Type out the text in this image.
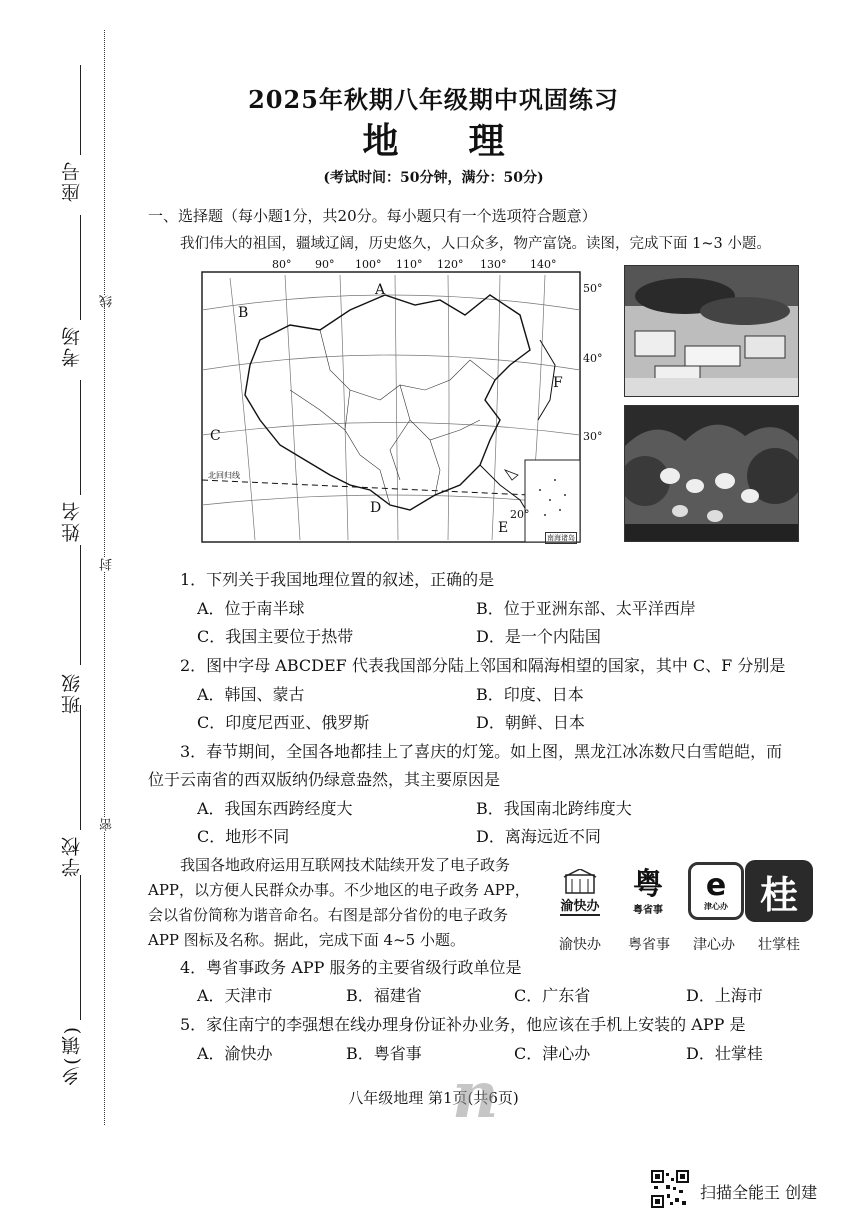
座号
考场
姓名
班级
学校
乡(镇)
线
封
密
2025年秋期八年级期中巩固练习
地理
(考试时间：50分钟，满分：50分)
一、选择题（每小题1分，共20分。每小题只有一个选项符合题意）
我们伟大的祖国，疆域辽阔，历史悠久，人口众多，物产富饶。读图，完成下面 1~3 小题。
80° 90° 100° 110° 120° 130° 140°
50°
40°
30°
20°
A
B
C
D
E
F
北回归线
南海诸岛
1．下列关于我国地理位置的叙述，正确的是
A．位于南半球	B．位于亚洲东部、太平洋西岸
C．我国主要位于热带	D．是一个内陆国
2．图中字母 ABCDEF 代表我国部分陆上邻国和隔海相望的国家，其中 C、F 分别是
A．韩国、蒙古	B．印度、日本
C．印度尼西亚、俄罗斯	D．朝鲜、日本
3．春节期间，全国各地都挂上了喜庆的灯笼。如上图，黑龙江冰冻数尺白雪皑皑，而
位于云南省的西双版纳仍绿意盎然，其主要原因是
A．我国东西跨经度大	B．我国南北跨纬度大
C．地形不同	D．离海远近不同
我国各地政府运用互联网技术陆续开发了电子政务
APP，以方便人民群众办事。不少地区的电子政务 APP，
会以省份简称为谐音命名。右图是部分省份的电子政务
APP 图标及名称。据此，完成下面 4~5 小题。
渝快办
粤
粤省事
e
津心办 桂
渝快办	粤省事	津心办	壮掌桂
4．粤省事政务 APP 服务的主要省级行政单位是
A．天津市	B．福建省	C．广东省	D．上海市
5．家住南宁的李强想在线办理身份证补办业务，他应该在手机上安装的 APP 是
A．渝快办	B．粤省事	C．津心办	D．壮掌桂
八年级地理 第1页(共6页)
n
扫描全能王 创建
